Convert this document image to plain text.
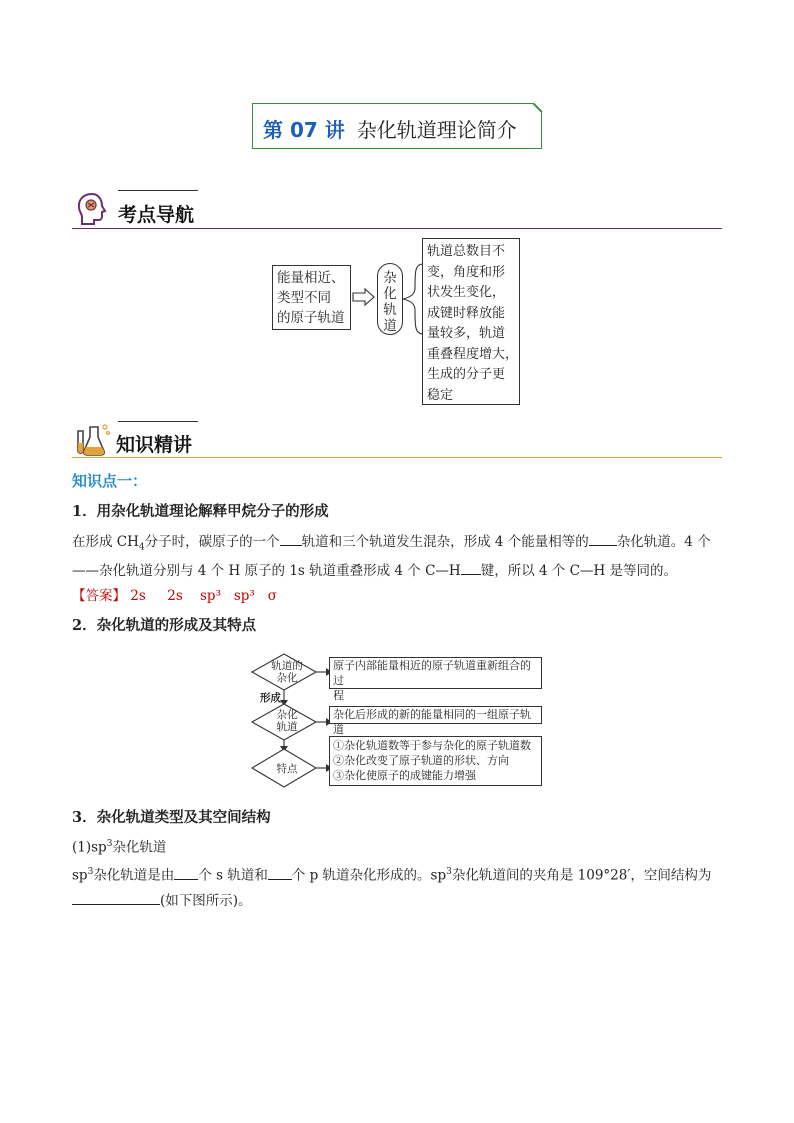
第 07 讲 杂化轨道理论简介
考点导航
能量相近、
类型不同
的原子轨道
杂化轨道
轨道总数目不
变，角度和形
状发生变化，
成键时释放能
量较多，轨道
重叠程度增大，
生成的分子更
稳定
知识精讲
知识点一：
1．用杂化轨道理论解释甲烷分子的形成
在形成 $CH_4$分子时，碳原子的一个 轨道和三个轨道发生混杂，形成 4 个能量相等的 杂化轨道。4 个
——杂化轨道分别与 4 个 H 原子的 1s 轨道重叠形成 4 个 C—H 键，所以 4 个 C—H 是等同的。
【答案】 2s 2s sp³ sp³ σ
2．杂化轨道的形成及其特点
轨道的
杂化
形成
杂化
轨道
特点
原子内部能量相近的原子轨道重新组合的过
程
杂化后形成的新的能量相同的一组原子轨道
①杂化轨道数等于参与杂化的原子轨道数
②杂化改变了原子轨道的形状、方向
③杂化使原子的成键能力增强
3．杂化轨道类型及其空间结构
$(1)sp^3$杂化轨道
$sp^3$杂化轨道是由 个 s 轨道和 个 p 轨道杂化形成的。$sp^3$杂化轨道间的夹角是 109°28′，空间结构为
(如下图所示)。
